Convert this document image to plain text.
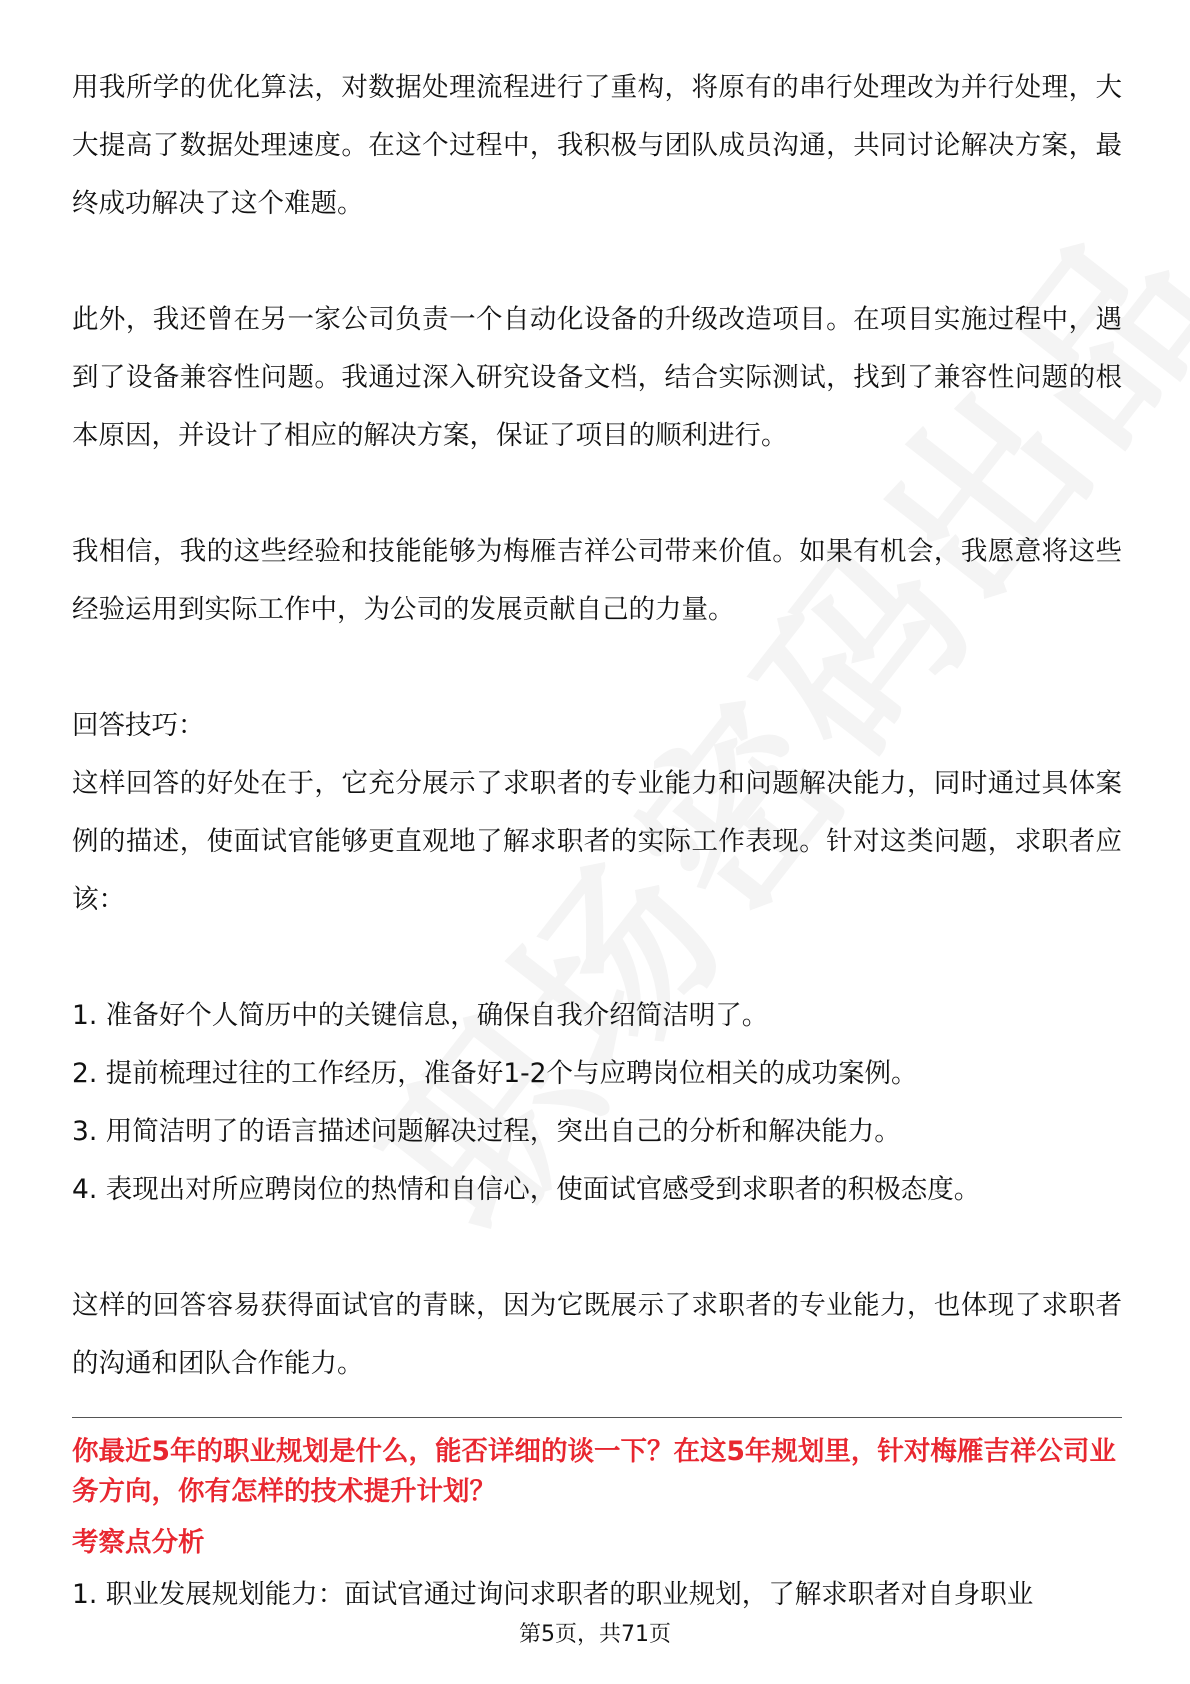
用我所学的优化算法，对数据处理流程进行了重构，将原有的串行处理改为并行处理，大大提高了数据处理速度。在这个过程中，我积极与团队成员沟通，共同讨论解决方案，最终成功解决了这个难题。

此外，我还曾在另一家公司负责一个自动化设备的升级改造项目。在项目实施过程中，遇到了设备兼容性问题。我通过深入研究设备文档，结合实际测试，找到了兼容性问题的根本原因，并设计了相应的解决方案，保证了项目的顺利进行。

我相信，我的这些经验和技能能够为梅雁吉祥公司带来价值。如果有机会，我愿意将这些经验运用到实际工作中，为公司的发展贡献自己的力量。

回答技巧：

这样回答的好处在于，它充分展示了求职者的专业能力和问题解决能力，同时通过具体案例的描述，使面试官能够更直观地了解求职者的实际工作表现。针对这类问题，求职者应该：

1. 准备好个人简历中的关键信息，确保自我介绍简洁明了。

2. 提前梳理过往的工作经历，准备好1-2个与应聘岗位相关的成功案例。

3. 用简洁明了的语言描述问题解决过程，突出自己的分析和解决能力。

4. 表现出对所应聘岗位的热情和自信心，使面试官感受到求职者的积极态度。

这样的回答容易获得面试官的青睐，因为它既展示了求职者的专业能力，也体现了求职者的沟通和团队合作能力。

你最近5年的职业规划是什么，能否详细的谈一下？在这5年规划里，针对梅雁吉祥公司业务方向，你有怎样的技术提升计划？

考察点分析

1. 职业发展规划能力：面试官通过询问求职者的职业规划，了解求职者对自身职业

第5页，共71页
